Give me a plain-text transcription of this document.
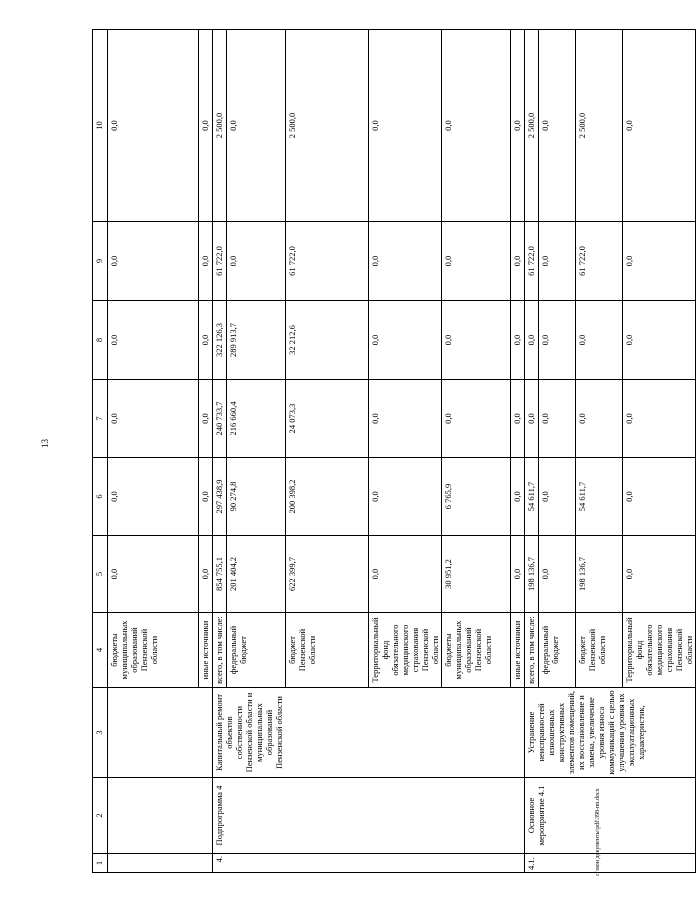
13
1	2	3	4	5	6	7	8	9	10
			бюджеты муниципальных образований Пензенской области	0,0	0,0	0,0	0,0	0,0	0,0
			иные источники	0,0	0,0	0,0	0,0	0,0	0,0
4.	Подпрограмма 4	Капитальный ремонт объектов собственности Пензенской области и муниципальных образований Пензенской области	всего, в том числе:	854 755,1	297 438,9	240 733,7	322 126,3	61 722,0	2 500,0
			федеральный бюджет	201 404,2	90 274,8	216 660,4	289 913,7	0,0	0,0
			бюджет Пензенской области	622 399,7	200 398,2	24 073,3	32 212,6	61 722,0	2 500,0
			Территориальный фонд обязательного медицинского страхования Пензенской области	0,0	0,0	0,0	0,0	0,0	0,0
			бюджеты муниципальных образований Пензенской области	30 951,2	6 765,9	0,0	0,0	0,0	0,0
			иные источники	0,0	0,0	0,0	0,0	0,0	0,0
4.1.	Основное мероприятие 4.1	Устранение неисправностей изношенных конструктивных элементов помещений, их восстановление и замена, увеличение уровня износа коммуникаций с целью улучшения уровня их эксплуатационных характеристик,	всего, в том числе:	198 136,7	54 611,7	0,0	0,0	61 722,0	2 500,0
			федеральный бюджет	0,0	0,0	0,0	0,0	0,0	0,0
			бюджет Пензенской области	198 136,7	54 611,7	0,0	0,0	61 722,0	2 500,0
			Территориальный фонд обязательного медицинского страхования Пензенской области	0,0	0,0	0,0	0,0	0,0	0,0
c:\мои документы\pdf\398-пп.docx
